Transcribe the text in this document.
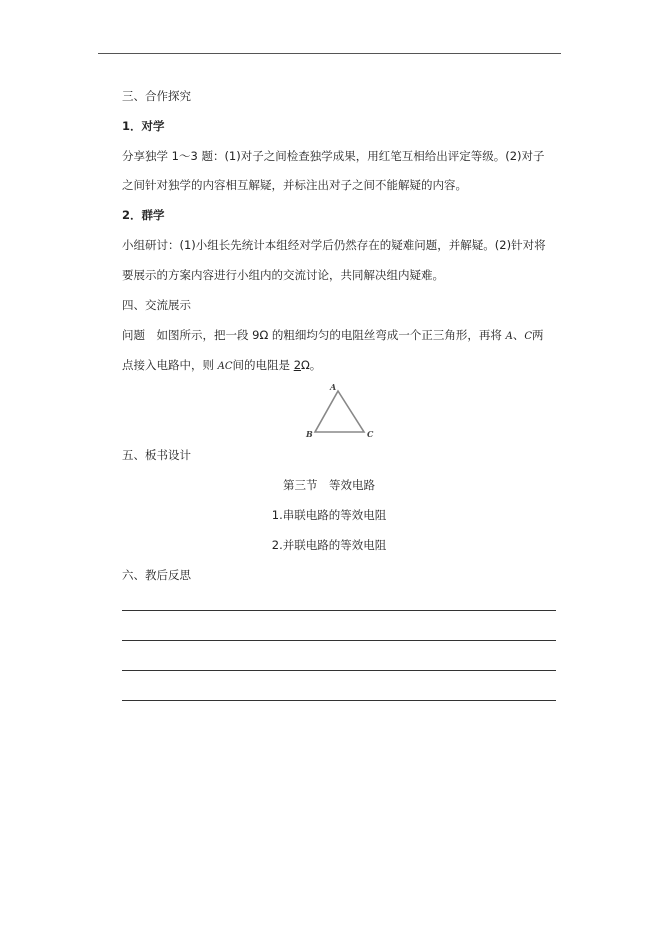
三、合作探究
1．对学
分享独学 1～3 题：(1)对子之间检查独学成果，用红笔互相给出评定等级。(2)对子
之间针对独学的内容相互解疑，并标注出对子之间不能解疑的内容。
2．群学
小组研讨：(1)小组长先统计本组经对学后仍然存在的疑难问题，并解疑。(2)针对将
要展示的方案内容进行小组内的交流讨论，共同解决组内疑难。
四、交流展示
问题　如图所示，把一段 9Ω 的粗细均匀的电阻丝弯成一个正三角形，再将 A、C两
点接入电路中，则 AC间的电阻是 2Ω。
A
B	C
五、板书设计
第三节　等效电路
1.串联电路的等效电阻
2.并联电路的等效电阻
六、教后反思
